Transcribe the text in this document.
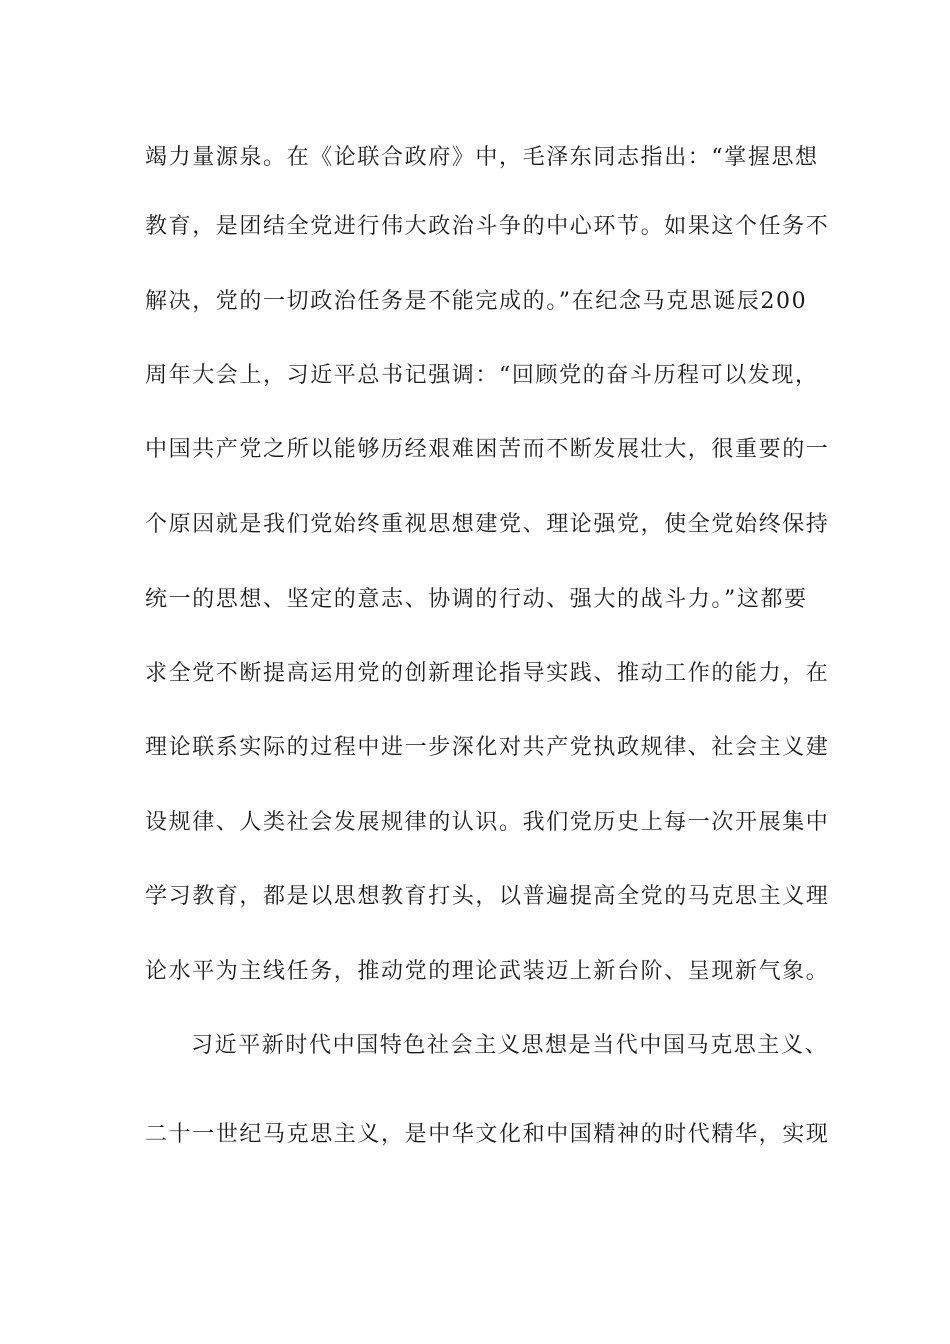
竭力量源泉。在《论联合政府》中，毛泽东同志指出：“掌握思想
教育，是团结全党进行伟大政治斗争的中心环节。如果这个任务不
解决，党的一切政治任务是不能完成的。”在纪念马克思诞辰200
周年大会上，习近平总书记强调：“回顾党的奋斗历程可以发现，
中国共产党之所以能够历经艰难困苦而不断发展壮大，很重要的一
个原因就是我们党始终重视思想建党、理论强党，使全党始终保持
统一的思想、坚定的意志、协调的行动、强大的战斗力。”这都要
求全党不断提高运用党的创新理论指导实践、推动工作的能力，在
理论联系实际的过程中进一步深化对共产党执政规律、社会主义建
设规律、人类社会发展规律的认识。我们党历史上每一次开展集中
学习教育，都是以思想教育打头，以普遍提高全党的马克思主义理
论水平为主线任务，推动党的理论武装迈上新台阶、呈现新气象。
习近平新时代中国特色社会主义思想是当代中国马克思主义、
二十一世纪马克思主义，是中华文化和中国精神的时代精华，实现
